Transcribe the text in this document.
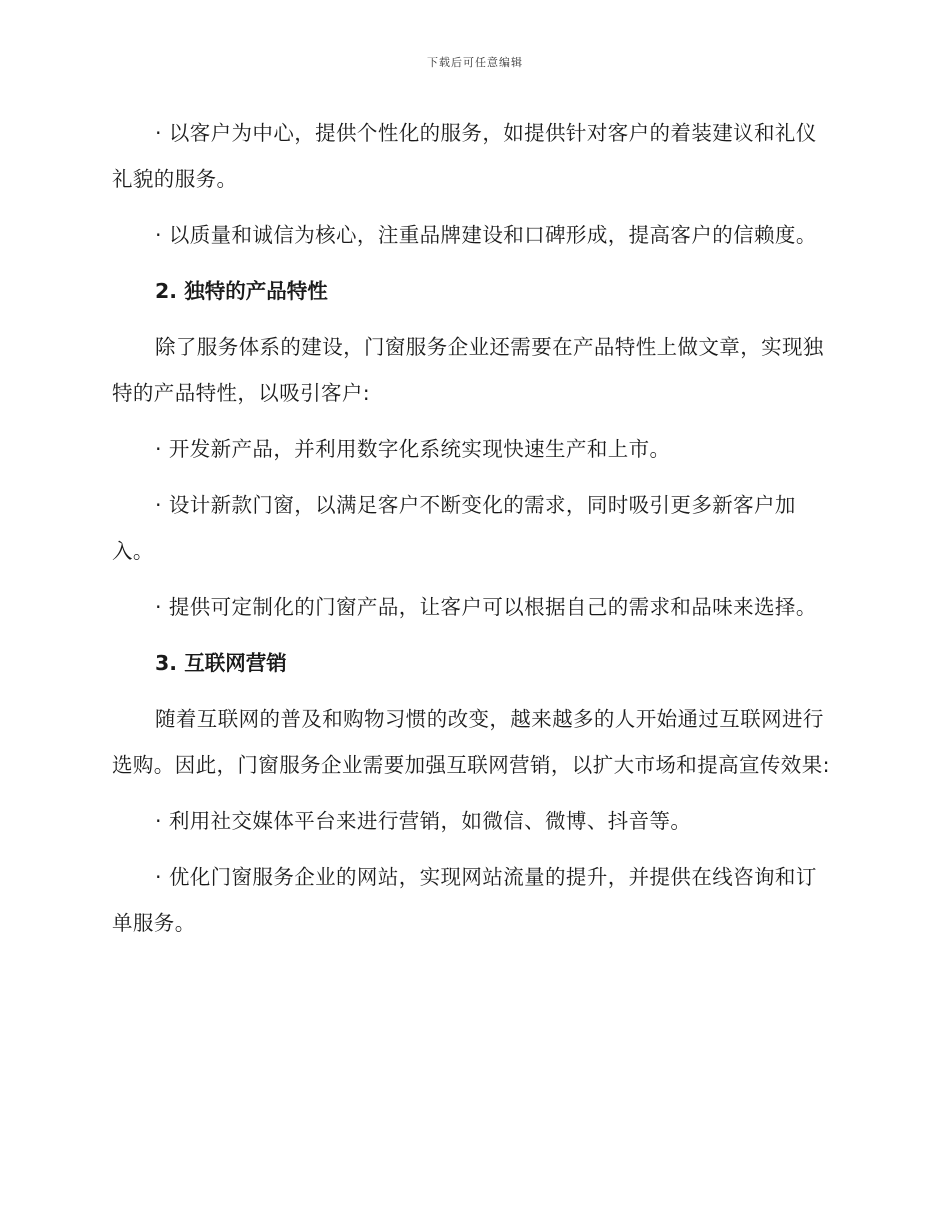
下载后可任意编辑

· 以客户为中心，提供个性化的服务，如提供针对客户的着装建议和礼仪礼貌的服务。

· 以质量和诚信为核心，注重品牌建设和口碑形成，提高客户的信赖度。

2. 独特的产品特性

除了服务体系的建设，门窗服务企业还需要在产品特性上做文章，实现独特的产品特性，以吸引客户:

· 开发新产品，并利用数字化系统实现快速生产和上市。

· 设计新款门窗，以满足客户不断变化的需求，同时吸引更多新客户加入。

· 提供可定制化的门窗产品，让客户可以根据自己的需求和品味来选择。

3. 互联网营销

随着互联网的普及和购物习惯的改变，越来越多的人开始通过互联网进行选购。因此，门窗服务企业需要加强互联网营销，以扩大市场和提高宣传效果:

· 利用社交媒体平台来进行营销，如微信、微博、抖音等。

· 优化门窗服务企业的网站，实现网站流量的提升，并提供在线咨询和订单服务。
